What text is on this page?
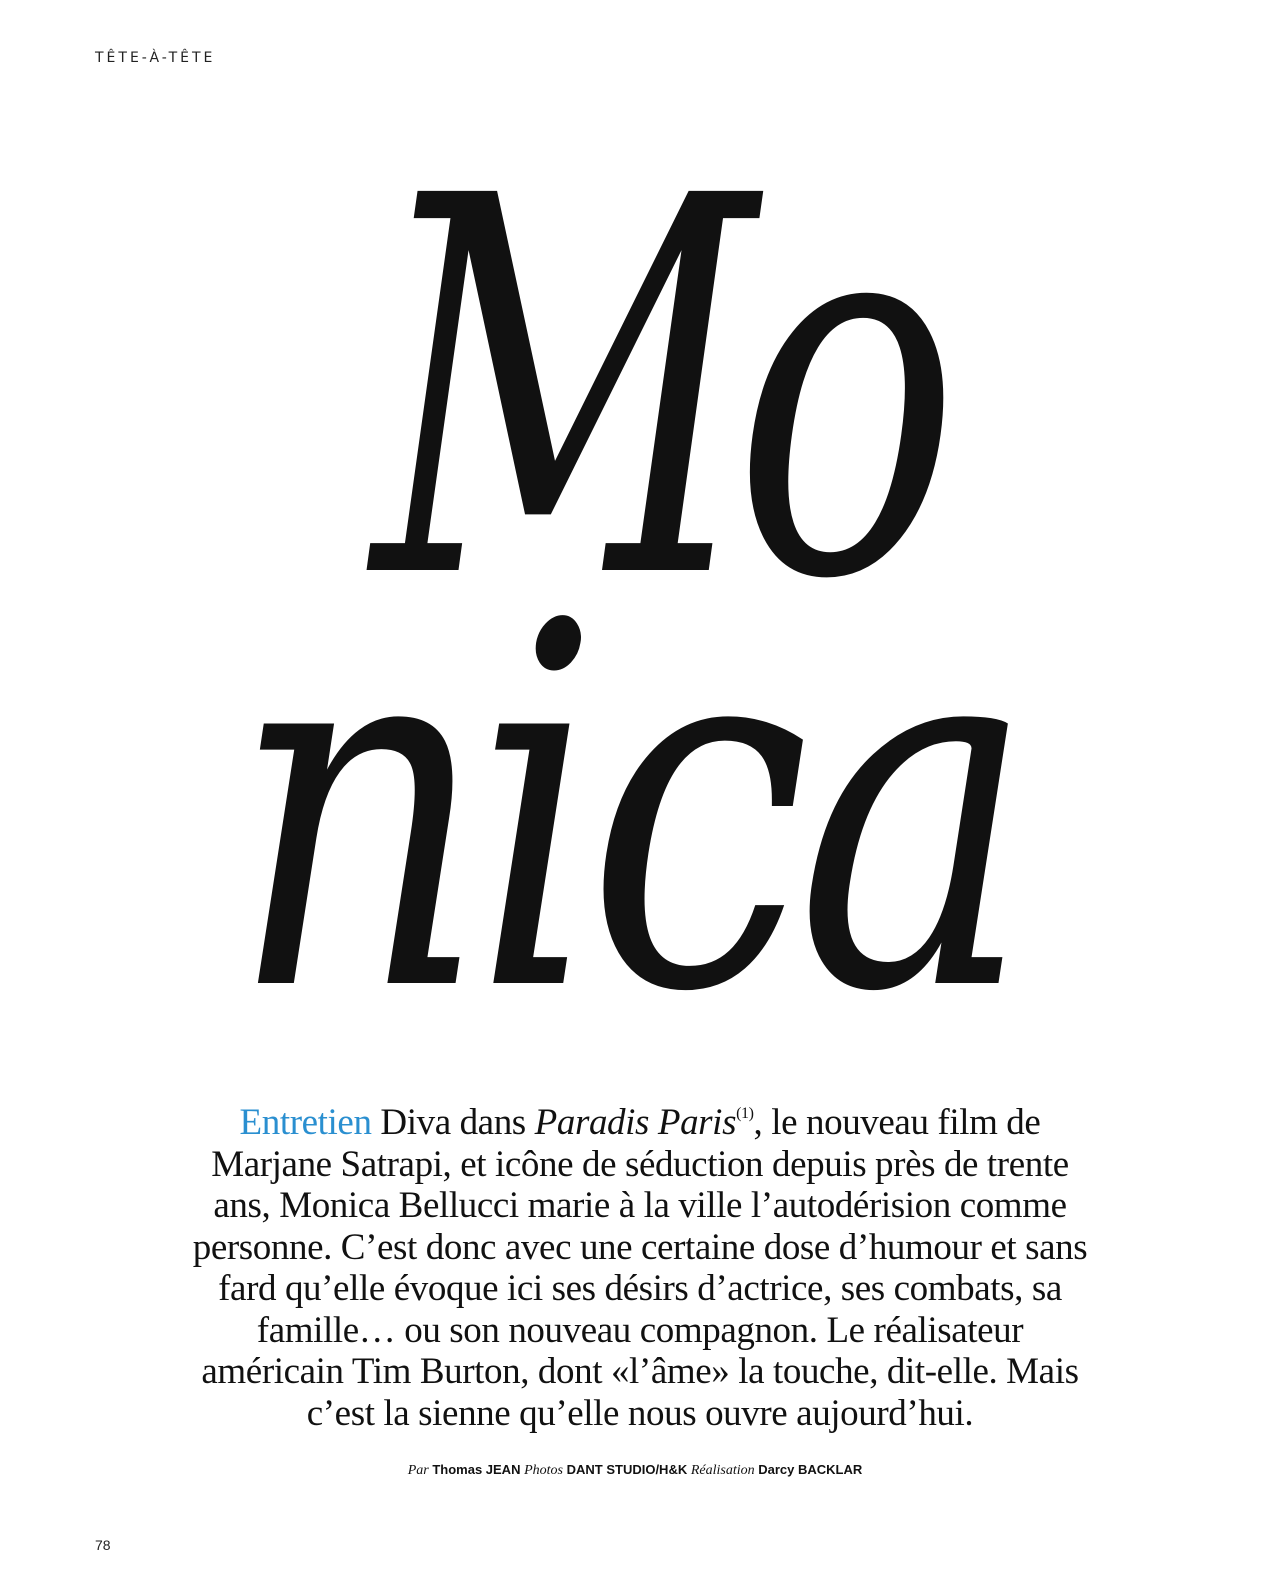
TÊTE-À-TÊTE
Mo
nica

Entretien Diva dans Paradis Paris$^{(1)}$, le nouveau film de Marjane Satrapi, et icône de séduction depuis près de trente ans, Monica Bellucci marie à la ville l’autodérision comme personne. C’est donc avec une certaine dose d’humour et sans fard qu’elle évoque ici ses désirs d’actrice, ses combats, sa famille… ou son nouveau compagnon. Le réalisateur américain Tim Burton, dont «l’âme» la touche, dit-elle. Mais c’est la sienne qu’elle nous ouvre aujourd’hui.

Par Thomas JEAN Photos DANT STUDIO/H&K Réalisation Darcy BACKLAR
78
